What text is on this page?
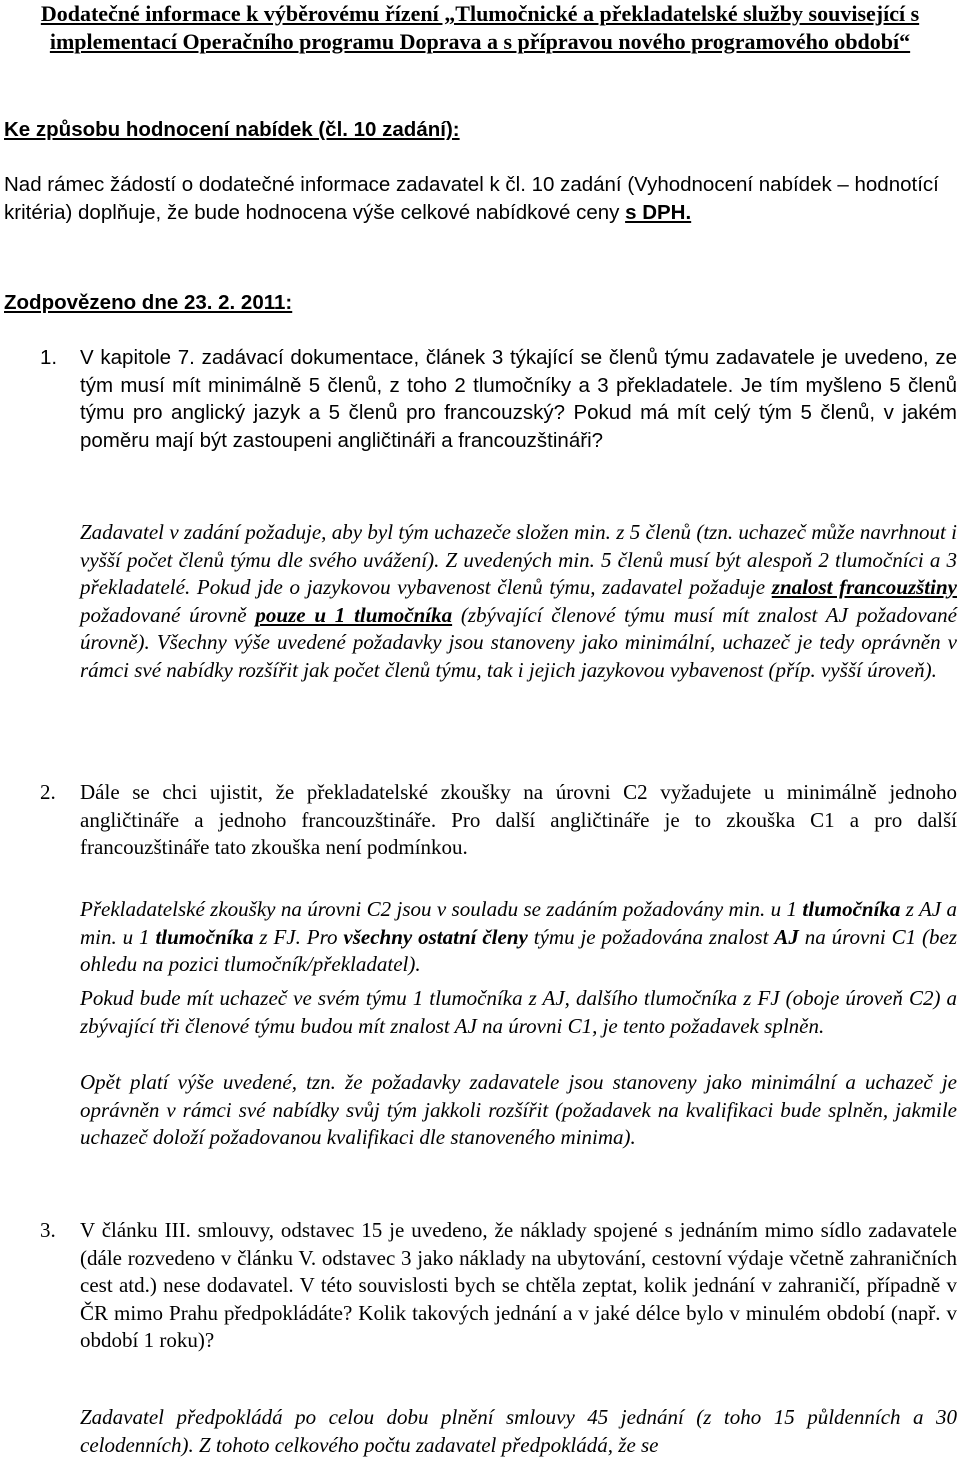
Dodatečné informace k výběrovému řízení „Tlumočnické a překladatelské služby související s implementací Operačního programu Doprava a s přípravou nového programového období“
Ke způsobu hodnocení nabídek (čl. 10 zadání):

Nad rámec žádostí o dodatečné informace zadavatel k čl. 10 zadání (Vyhodnocení nabídek – hodnotící kritéria) doplňuje, že bude hodnocena výše celkové nabídkové ceny s DPH.

Zodpovězeno dne 23. 2. 2011:
1. V kapitole 7. zadávací dokumentace, článek 3 týkající se členů týmu zadavatele je uvedeno, ze tým musí mít minimálně 5 členů, z toho 2 tlumočníky a 3 překladatele. Je tím myšleno 5 členů týmu pro anglický jazyk a 5 členů pro francouzský? Pokud má mít celý tým 5 členů, v jakém poměru mají být zastoupeni angličtináři a francouzštináři?

Zadavatel v zadání požaduje, aby byl tým uchazeče složen min. z 5 členů (tzn. uchazeč může navrhnout i vyšší počet členů týmu dle svého uvážení). Z uvedených min. 5 členů musí být alespoň 2 tlumočníci a 3 překladatelé. Pokud jde o jazykovou vybavenost členů týmu, zadavatel požaduje znalost francouzštiny požadované úrovně pouze u 1 tlumočníka (zbývající členové týmu musí mít znalost AJ požadované úrovně). Všechny výše uvedené požadavky jsou stanoveny jako minimální, uchazeč je tedy oprávněn v rámci své nabídky rozšířit jak počet členů týmu, tak i jejich jazykovou vybavenost (příp. vyšší úroveň).

2. Dále se chci ujistit, že překladatelské zkoušky na úrovni C2 vyžadujete u minimálně jednoho angličtináře a jednoho francouzštináře. Pro další angličtináře je to zkouška C1 a pro další francouzštináře tato zkouška není podmínkou.

Překladatelské zkoušky na úrovni C2 jsou v souladu se zadáním požadovány min. u 1 tlumočníka z AJ a min. u 1 tlumočníka z FJ. Pro všechny ostatní členy týmu je požadována znalost AJ na úrovni C1 (bez ohledu na pozici tlumočník/překladatel).

Pokud bude mít uchazeč ve svém týmu 1 tlumočníka z AJ, dalšího tlumočníka z FJ (oboje úroveň C2) a zbývající tři členové týmu budou mít znalost AJ na úrovni C1, je tento požadavek splněn.

Opět platí výše uvedené, tzn. že požadavky zadavatele jsou stanoveny jako minimální a uchazeč je oprávněn v rámci své nabídky svůj tým jakkoli rozšířit (požadavek na kvalifikaci bude splněn, jakmile uchazeč doloží požadovanou kvalifikaci dle stanoveného minima).

3. V článku III. smlouvy, odstavec 15 je uvedeno, že náklady spojené s jednáním mimo sídlo zadavatele (dále rozvedeno v článku V. odstavec 3 jako náklady na ubytování, cestovní výdaje včetně zahraničních cest atd.) nese dodavatel. V této souvislosti bych se chtěla zeptat, kolik jednání v zahraničí, případně v ČR mimo Prahu předpokládáte? Kolik takových jednání a v jaké délce bylo v minulém období (např. v období 1 roku)?

Zadavatel předpokládá po celou dobu plnění smlouvy 45 jednání (z toho 15 půldenních a 30 celodenních). Z tohoto celkového počtu zadavatel předpokládá, že se
